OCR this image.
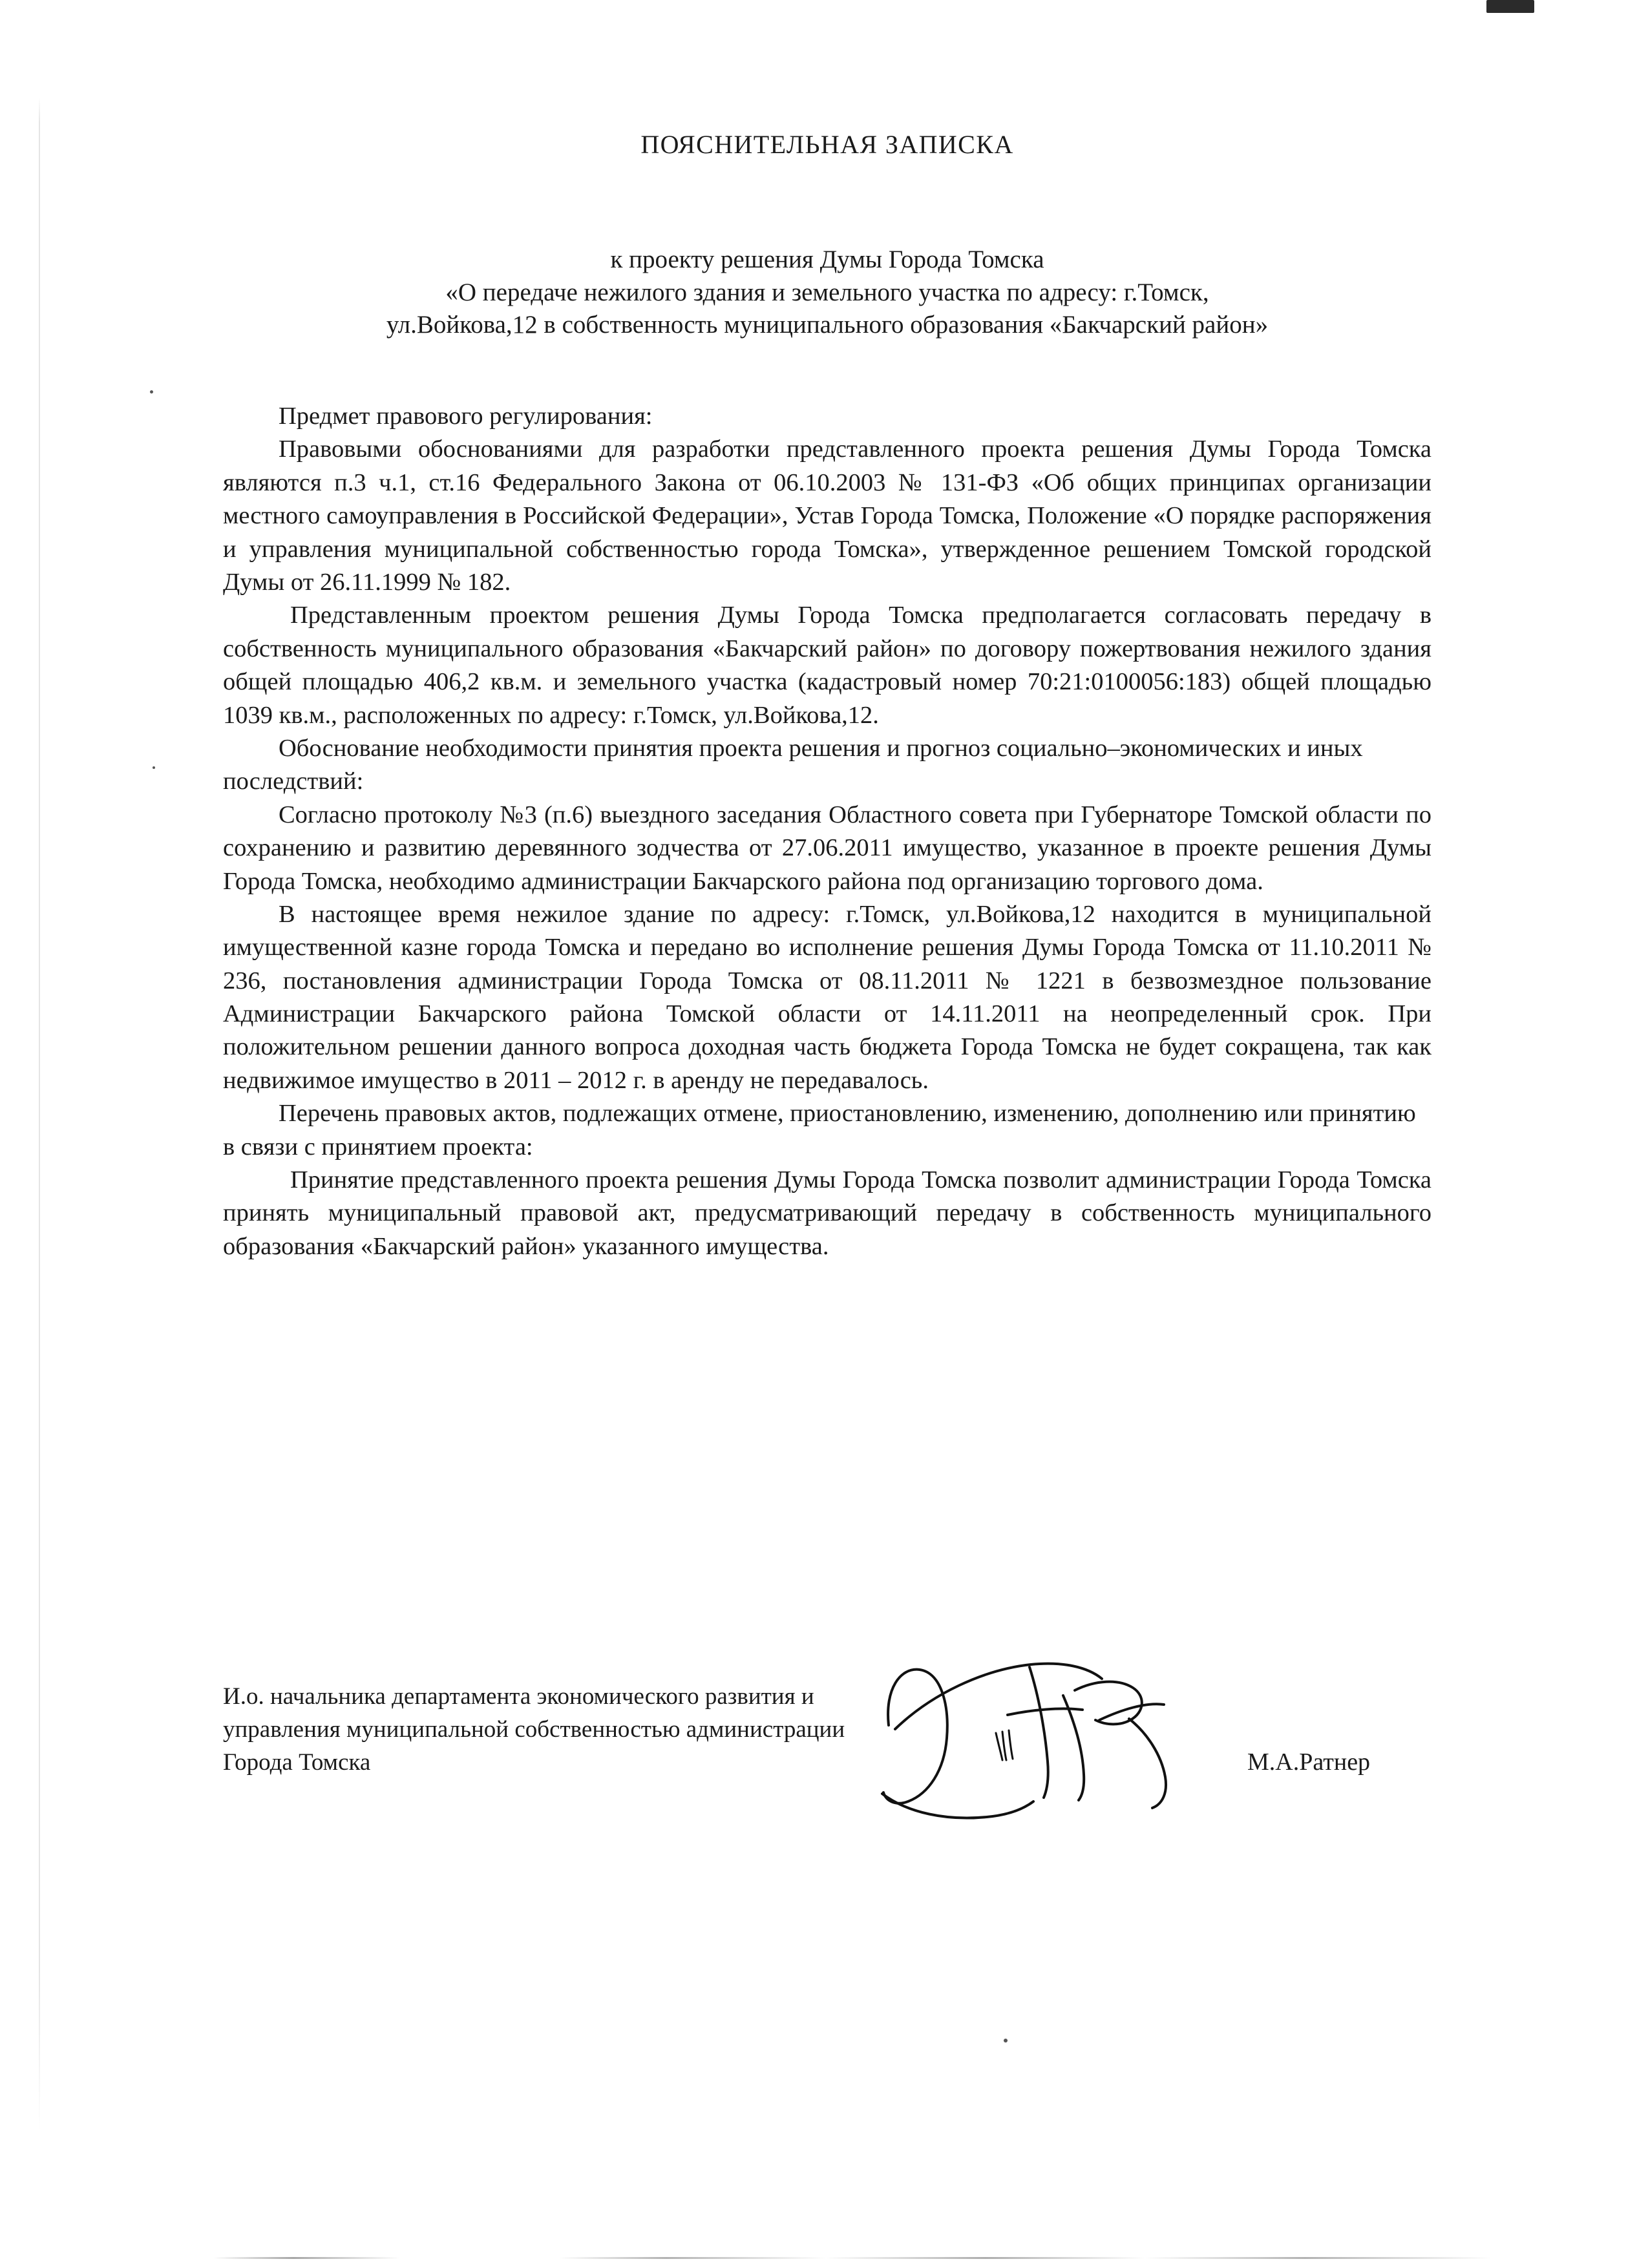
ПОЯСНИТЕЛЬНАЯ ЗАПИСКА
к проекту решения Думы Города Томска
«О передаче нежилого здания и земельного участка по адресу: г.Томск,
ул.Войкова,12 в собственность муниципального образования «Бакчарский район»

Предмет правового регулирования:

Правовыми обоснованиями для разработки представленного проекта решения Думы Города Томска являются п.3 ч.1, ст.16 Федерального Закона от 06.10.2003 № 131-ФЗ «Об общих принципах организации местного самоуправления в Российской Федерации», Устав Города Томска, Положение «О порядке распоряжения и управления муниципальной собственностью города Томска», утвержденное решением Томской городской Думы от 26.11.1999 № 182.

Представленным проектом решения Думы Города Томска предполагается согласовать передачу в собственность муниципального образования «Бакчарский район» по договору пожертвования нежилого здания общей площадью 406,2 кв.м. и земельного участка (кадастровый номер 70:21:0100056:183) общей площадью 1039 кв.м., расположенных по адресу: г.Томск, ул.Войкова,12.

Обоснование необходимости принятия проекта решения и прогноз социально–экономических и иных последствий:

Согласно протоколу №3 (п.6) выездного заседания Областного совета при Губернаторе Томской области по сохранению и развитию деревянного зодчества от 27.06.2011 имущество, указанное в проекте решения Думы Города Томска, необходимо администрации Бакчарского района под организацию торгового дома.

В настоящее время нежилое здание по адресу: г.Томск, ул.Войкова,12 находится в муниципальной имущественной казне города Томска и передано во исполнение решения Думы Города Томска от 11.10.2011 № 236, постановления администрации Города Томска от 08.11.2011 № 1221 в безвозмездное пользование Администрации Бакчарского района Томской области от 14.11.2011 на неопределенный срок. При положительном решении данного вопроса доходная часть бюджета Города Томска не будет сокращена, так как недвижимое имущество в 2011 – 2012 г. в аренду не передавалось.

Перечень правовых актов, подлежащих отмене, приостановлению, изменению, дополнению или принятию в связи с принятием проекта:

Принятие представленного проекта решения Думы Города Томска позволит администрации Города Томска принять муниципальный правовой акт, предусматривающий передачу в собственность муниципального образования «Бакчарский район» указанного имущества.

И.о. начальника департамента экономического развития и управления муниципальной собственностью администрации Города Томска	М.А.Ратнер
